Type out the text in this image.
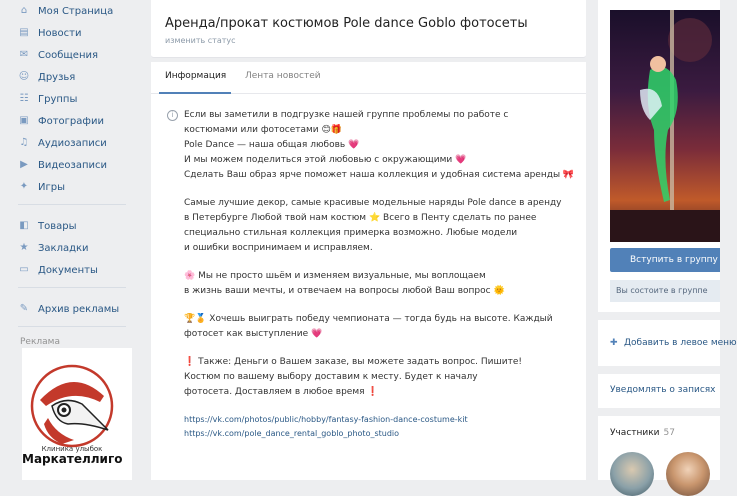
⌂ Моя Страница
▤ Новости
✉ Сообщения
☺ Друзья
☷ Группы
▣ Фотографии
♫ Аудиозаписи
▶ Видеозаписи
✦ Игры
◧ Товары
★ Закладки
▭ Документы
✎ Архив рекламы
Реклама
Клиника улыбок
Маркателлиго
Аренда/прокат костюмов Pole dance Goblo фотосеты
изменить статус
Информация Лента новостей
i	Если вы заметили в подгрузке нашей группе проблемы по работе с
костюмами или фотосетами 😊🎁
Pole Dance — наша общая любовь 💗
И мы можем поделиться этой любовью с окружающими 💗
Сделать Ваш образ ярче поможет наша коллекция и удобная система аренды 🎀
Самые лучшие декор, самые красивые модельные наряды Pole dance в аренду
в Петербурге Любой твой нам костюм ⭐ Всего в Пенту сделать по ранее
специально стильная коллекция примерка возможно. Любые модели
и ошибки воспринимаем и исправляем.
🌸 Мы не просто шьём и изменяем визуальные, мы воплощаем
в жизнь ваши мечты, и отвечаем на вопросы любой Ваш вопрос 🌞
🏆🏅 Хочешь выиграть победу чемпионата — тогда будь на высоте. Каждый
фотосет как выступление 💗
❗ Также: Деньги о Вашем заказе, вы можете задать вопрос. Пишите!
Костюм по вашему выбору доставим к месту. Будет к началу
фотосета. Доставляем в любое время ❗
https://vk.com/photos/public/hobby/fantasy-fashion-dance-costume-kit
https://vk.com/pole_dance_rental_goblo_photo_studio
Вступить в группу
Вы состоите в группе
✚ Добавить в левое меню
Уведомлять о записях
Участники 57
